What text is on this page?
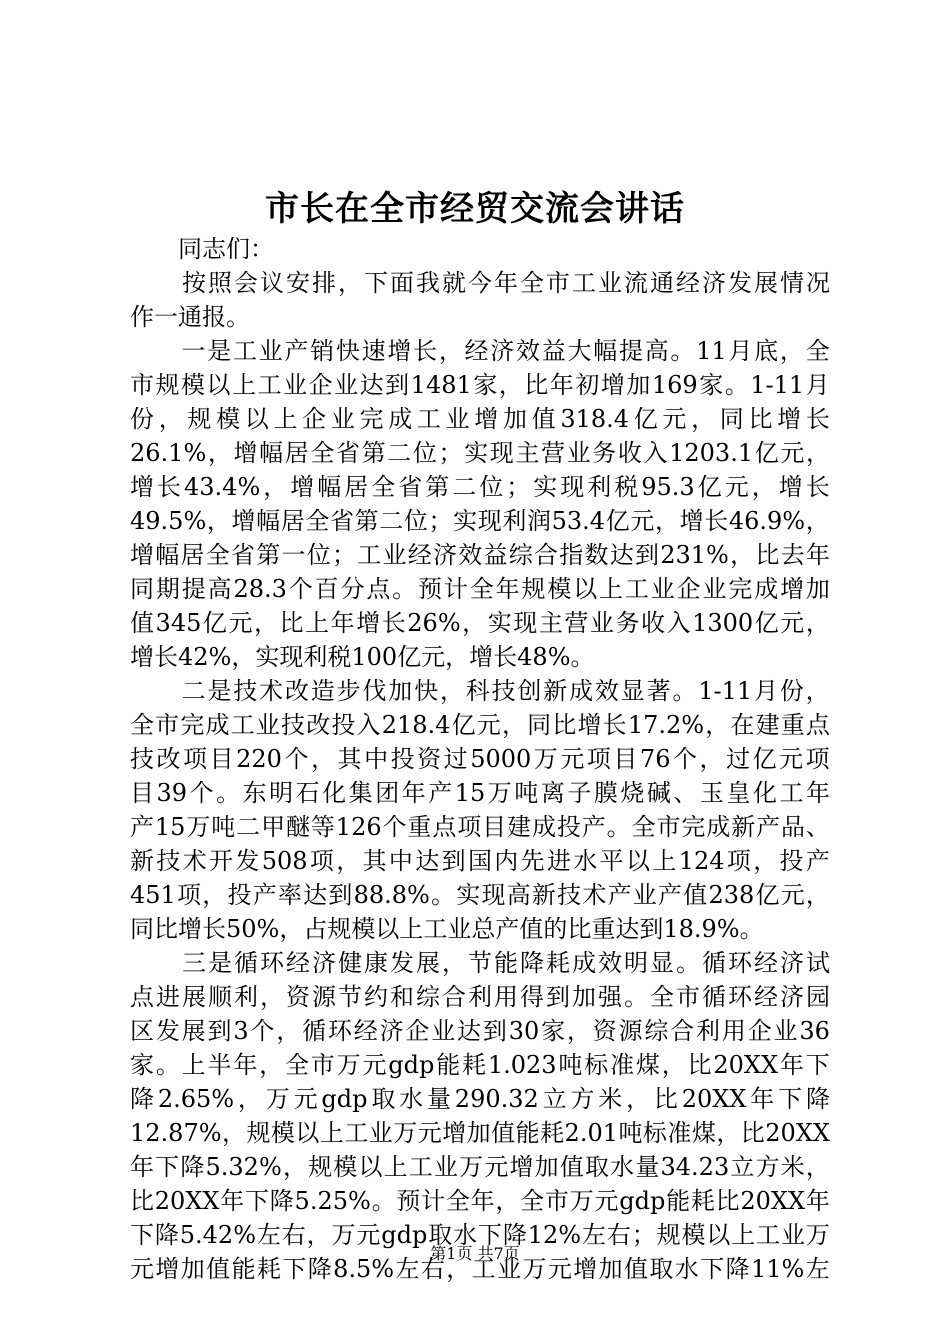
市长在全市经贸交流会讲话
　　同志们：

按 照 会 议 安 排 ， 下 面 我 就 今 年 全 市 工 业 流 通 经 济 发 展 情 况
作一通报。

一 是 工 业 产 销 快 速 增 长 ， 经 济 效 益 大 幅 提 高 。 11 月 底 ， 全
市 规 模 以 上 工 业 企 业 达 到 1481 家 ， 比 年 初 增 加 169 家 。 1-11 月
份 ， 规 模 以 上 企 业 完 成 工 业 增 加 值 318.4 亿 元 ， 同 比 增 长
26.1% ， 增 幅 居 全 省 第 二 位 ； 实 现 主 营 业 务 收 入 1203.1 亿 元 ，
增 长 43.4% ， 增 幅 居 全 省 第 二 位 ； 实 现 利 税 95.3 亿 元 ， 增 长
49.5% ， 增 幅 居 全 省 第 二 位 ； 实 现 利 润 53.4 亿 元 ， 增 长 46.9% ，
增 幅 居 全 省 第 一 位 ； 工 业 经 济 效 益 综 合 指 数 达 到 231% ， 比 去 年
同 期 提 高 28.3 个 百 分 点 。 预 计 全 年 规 模 以 上 工 业 企 业 完 成 增 加
值 345 亿 元 ， 比 上 年 增 长 26% ， 实 现 主 营 业 务 收 入 1300 亿 元 ，
增长42%，实现利税100亿元，增长48%。

二 是 技 术 改 造 步 伐 加 快 ， 科 技 创 新 成 效 显 著 。 1-11 月 份 ，
全 市 完 成 工 业 技 改 投 入 218.4 亿 元 ， 同 比 增 长 17.2% ， 在 建 重 点
技 改 项 目 220 个 ， 其 中 投 资 过 5000 万 元 项 目 76 个 ， 过 亿 元 项
目 39 个 。 东 明 石 化 集 团 年 产 15 万 吨 离 子 膜 烧 碱 、 玉 皇 化 工 年
产 15 万 吨 二 甲 醚 等 126 个 重 点 项 目 建 成 投 产 。 全 市 完 成 新 产 品 、
新 技 术 开 发 508 项 ， 其 中 达 到 国 内 先 进 水 平 以 上 124 项 ， 投 产
451 项 ， 投 产 率 达 到 88.8% 。 实 现 高 新 技 术 产 业 产 值 238 亿 元 ，
同比增长50%，占规模以上工业总产值的比重达到18.9%。

三 是 循 环 经 济 健 康 发 展 ， 节 能 降 耗 成 效 明 显 。 循 环 经 济 试
点 进 展 顺 利 ， 资 源 节 约 和 综 合 利 用 得 到 加 强 。 全 市 循 环 经 济 园
区 发 展 到 3 个 ， 循 环 经 济 企 业 达 到 30 家 ， 资 源 综 合 利 用 企 业 36
家 。 上 半 年 ， 全 市 万 元 gdp 能 耗 1.023 吨 标 准 煤 ， 比 20XX 年 下
降 2.65% ， 万 元 gdp 取 水 量 290.32 立 方 米 ， 比 20XX 年 下 降
12.87% ， 规 模 以 上 工 业 万 元 增 加 值 能 耗 2.01 吨 标 准 煤 ， 比 20XX
年 下 降 5.32% ， 规 模 以 上 工 业 万 元 增 加 值 取 水 量 34.23 立 方 米 ，
比 20XX 年 下 降 5.25% 。 预 计 全 年 ， 全 市 万 元 gdp 能 耗 比 20XX 年
下 降 5.42% 左 右 ， 万 元 gdp 取 水 下 降 12% 左 右 ； 规 模 以 上 工 业 万
元 增 加 值 能 耗 下 降 8.5% 左 右 ， 工 业 万 元 增 加 值 取 水 下 降 11% 左
第1页 共7页
